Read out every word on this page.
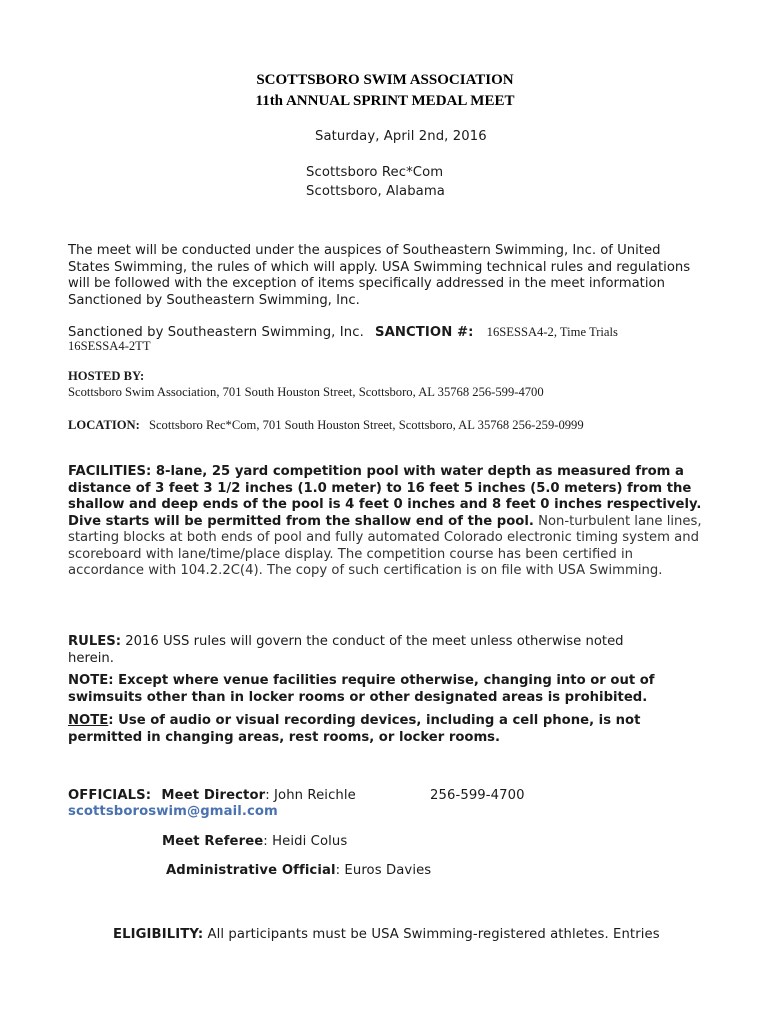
SCOTTSBORO SWIM ASSOCIATION
11th ANNUAL SPRINT MEDAL MEET
Saturday, April 2nd, 2016
Scottsboro Rec*Com
Scottsboro, Alabama
The meet will be conducted under the auspices of Southeastern Swimming, Inc. of United States Swimming, the rules of which will apply. USA Swimming technical rules and regulations will be followed with the exception of items specifically addressed in the meet information Sanctioned by Southeastern Swimming, Inc.
Sanctioned by Southeastern Swimming, Inc. SANCTION #: 16SESSA4-2, Time Trials
16SESSA4-2TT
HOSTED BY:
Scottsboro Swim Association, 701 South Houston Street, Scottsboro, AL 35768 256-599-4700
LOCATION: Scottsboro Rec*Com, 701 South Houston Street, Scottsboro, AL 35768 256-259-0999
FACILITIES: 8-lane, 25 yard competition pool with water depth as measured from a distance of 3 feet 3 1/2 inches (1.0 meter) to 16 feet 5 inches (5.0 meters) from the shallow and deep ends of the pool is 4 feet 0 inches and 8 feet 0 inches respectively. Dive starts will be permitted from the shallow end of the pool. Non-turbulent lane lines, starting blocks at both ends of pool and fully automated Colorado electronic timing system and scoreboard with lane/time/place display. The competition course has been certified in accordance with 104.2.2C(4). The copy of such certification is on file with USA Swimming.
RULES: 2016 USS rules will govern the conduct of the meet unless otherwise noted herein.
NOTE: Except where venue facilities require otherwise, changing into or out of swimsuits other than in locker rooms or other designated areas is prohibited.
NOTE: Use of audio or visual recording devices, including a cell phone, is not permitted in changing areas, rest rooms, or locker rooms.
OFFICIALS: Meet Director: John Reichle	256-599-4700
scottsboroswim@gmail.com
Meet Referee: Heidi Colus
Administrative Official: Euros Davies
ELIGIBILITY: All participants must be USA Swimming-registered athletes. Entries
